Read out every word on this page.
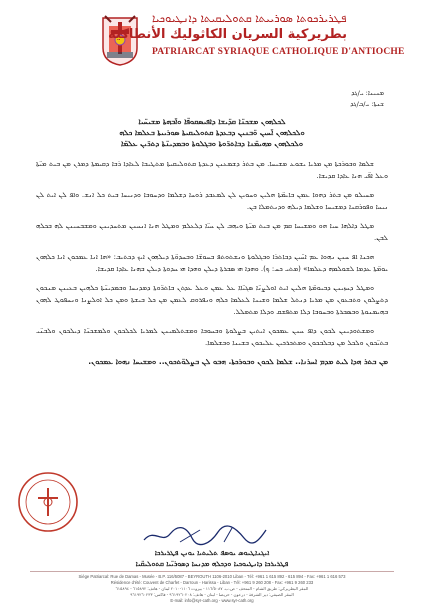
ܦܛܪܝܪܟܘܬܐ ܣܘܪܝܝܬܐ ܩܬܘܠܝܩܝܬܐ ܕܐܢܛܝܘܟܝܐ
بطريركية السريان الكاثوليك الأنطاكية
PATRIARCAT SYRIAQUE CATHOLIQUE D'ANTIOCHE
ܡܢܝܢܐ: ܝ/ܓܕ
ܫܢܬܐ: ܝ/ܒ/ܓܕ
ܠܟܠܗܘܢ ܡܫܟܢ̈ܐ ܩܕ̈ܝܫܐ ܕܐܦܝܣܩܘܦ̈ܐ ܘܐ̈ܒܗܬܐ ܡܫܝܚ̈ܝܐ
ܘܠܟܠܗܘܢ ܐ̈ܚܝܢ ܘ̈ܒܢܝܢ ܕܒܥܕܬܐ ܩܬܘܠܝܩܝܬܐ ܣܘܪܝܝܬܐ ܒܥܠܡܐ ܟܠܗ
ܘܠܟܠܗܘܢ ܡܗܝܡ̈ܢܐ ܕܒܐܬܪ̈ܘܬܐ ܘܒܓܠܘܬܐ ܘܒܡܕܝܢ̈ܬܐ ܕܬܪ̈ܝܢ ܥܠܡ̈ܐ

ܫܠܡܐ ܘܒܘܪܟܬܐ ܡܢ ܡܪܝܐ ܝܫܘܥ ܡܫܝܚܐ. ܡܢ ܒܬܪ ܕܫܡܥܢܢ ܕܥܕܬܐ ܩܬܘܠܝܩܝܬܐ ܡܬܛܝܒܐ ܠܥܐܕܐ ܪܒܐ ܕܩܝܡܬܐ ܕܡܪܢ ܡܢ ܒܝܬ ܡܝ̈ܬܐ ܘܥܠ ܐܦ̈ܝ ܗܢܐ ܥܐܕܐ ܩܕܝܫܐ.

ܡܚܝܠܘ ܡܢ ܒܬܪ ܕܗܘܐ ܥܡܢ ܒܐܝܡ̈ܬܐ ܗܠܝܢ ܘܚܘܝܢ ܠܢ ܠܡܥܒܕ ܪܘܚܐ ܕܫܠܡܐ ܘܕܚܘܒܐ ܘܕܢܝܚܐ ܒܝܬ ܟܠ ܐܢܫ. ܘܐܦ ܠܢ ܐܝܬ ܠܢ ܢܝܚܐ ܘܦܘܪܩܢܐ ܕܡܫܝܚܐ ܘܫܠܡܐ ܕܝܠܗ ܘܕܢܬܡܠܐ ܒܢ.

ܡܛܠ ܕܐܠܗܐ ܚܝܐ ܗܘ ܘܡܫܝܚܐ ܩܡ ܡܢ ܒܝܬ ܡܝ̈ܬܐ ܘܝܗܒ ܠܢ ܚܝ̈ܐ ܕܠܥܠܡ ܘܡܛܠ ܗܢܐ ܐܢܚܢܢ ܡܬܚܕܝܢܢ ܘܡܫܒܚܝܢܢ ܠܗ ܒܟܠܗ ܠܒܢ.

ܗܟܢܐ ܐܦ ܚܢܢ ܢܗܘܐ ܥܡ ܐܚ̈ܝܢ ܕܒܐܬܪܐ ܘܒܓܠܘܬܐ ܘܢܫܬܘܬܦ ܒܚܘܫ̈ܐ ܘܒܚܕܘ̈ܬܐ ܕܝܠܗܘܢ ܐܝܟ ܕܟܬܝܒ: «ܗܐ ܐܢܐ ܥܡܟܘܢ ܐܢܐ ܟܠܗܘܢ ܝܘܡ̈ܬܐ ܥܕܡܐ ܠܫܘܠܡܗ ܕܥܠܡܐ» (ܡܬܝ ܟܚ: ܟ). ܘܗܕܐ ܗܝ ܣܒܪܬܐ ܕܝܠܢ ܘܗܕܐ ܗܝ ܚܕܘܬܐ ܕܝܠܢ ܒܗܢܐ ܥܐܕܐ ܩܕܝܫܐ.

ܘܡܛܠ ܕܚܙܝܢܢ ܕܒܝܘܡ̈ܬܐ ܗܠܝܢ ܐܝܬ ܐܘܠܨܢ̈ܐ ܣܓܝ̈ܐܐ ܥܠ ܥܡܢ ܘܥܠ ܥܕܬܢ ܒܐܬܪ̈ܘܬܐ ܕܡܕܢܚܐ ܘܒܡܕܝܢ̈ܬܐ ܟܠܗܝܢ ܒܥܝܢܢ ܡܢܟܘܢ ܕܬܨܠܘܢ ܘܬܒܥܘܢ ܡܢ ܡܪܝܐ ܕܢܬܠ ܫܠܡܐ ܘܫܝܢܐ ܠܥܠܡܐ ܟܠܗ ܘܢܦܪܘܩ ܠܥܡܢ ܡܢ ܟܠ ܒܝܫܬܐ ܘܡܢ ܟܠ ܐܘܠܨܢܐ ܘܢܚܦܘܛ ܠܗܘܢ ܒܗܝܡܢܘܬܐ ܘܒܣܒܪܬܐ ܘܒܚܘܒܐ ܕܠܐ ܡܬܦܫܩ ܘܕܠܐ ܡܬܡܠܠ.

ܘܡܫܬܘܕܝܢܢ ܠܟܘܢ ܕܐܦ ܚܢܢ ܥܡܟܘܢ ܐܝܬܝܢ ܒܨܠܘܬܐ ܘܒܚܘܒܐ ܘܡܫܬܠܡܝܢܢ ܠܡܪܝܐ ܠܟܠܟܘܢ ܘܠܡܫܟܢ̈ܐ ܕܝܠܟܘܢ ܘܠܒܢ̈ܝ ܒܬܝ̈ܟܘܢ ܘܠܟܠ ܡܢ ܕܒܠܒܟܘܢ ܘܡܬܟܪܟܝܢ ܥܠܝܟܘܢ ܒܫܝܢܐ ܘܒܫܠܡܐ.

ܡܢ ܒܬܪ ܗܕܐ ܠܝܬ ܡܕܡ ܐܚܪܢܐ.. ܫܠܡܐ ܠܟܘܢ ܘܒܘܪܟܬܐ. ܗܒܘ ܠܢ ܒܨܠܘ̈ܬܟܘܢ.. ܘܡܫܝܚܐ ܢܗܘܐ ܥܡܟܘܢ.
ܐܝܓܢܐܛܝܘܣ ܝܘܣܦ ܬܠܝܬܝܐ ܝܘܢܢ ܦܛܪܝܪܟܐ
ܦܛܪܝܪܟܐ ܕܐܢܛܝܘܟܝܐ ܘܕܟܠܗ ܡܕܢܚܐ ܕܣܘܪܝ̈ܝܐ ܩܬܘܠܝܩ̈ܝܐ
Siège Patriarcal: Rue de Damas - Musée - B.P. 116/5087 - BEYROUTH 1106-2010 Liban - Tél: +961 1 615 892 - 615 894 - Fax: +961 1 616 573
Résidence d'été: Couvent de Charfet - Darroun - Harissa - Liban - Tél: +961 9 260 208 - Fax: +961 9 260 233
المقر البطريركي: طريق الشام - المتحف - ص.ب. ١١٦/٥٠٨٧ - بيروت ١١٠٦-٢٠١٠ لبنان - هاتف: ٦١٥٨٩٢ - ٦١٥٨٩٤
المقر الصيفي: دير الشرفة - درعون - حريصا - لبنان - هاتف: ٩٦١٩٢٦٠٢٠٨ - فاكس: ٩٦١٩٢٦٠٢٣٣
E-mail: info@syr-cath.org - www.syr-cath.org
